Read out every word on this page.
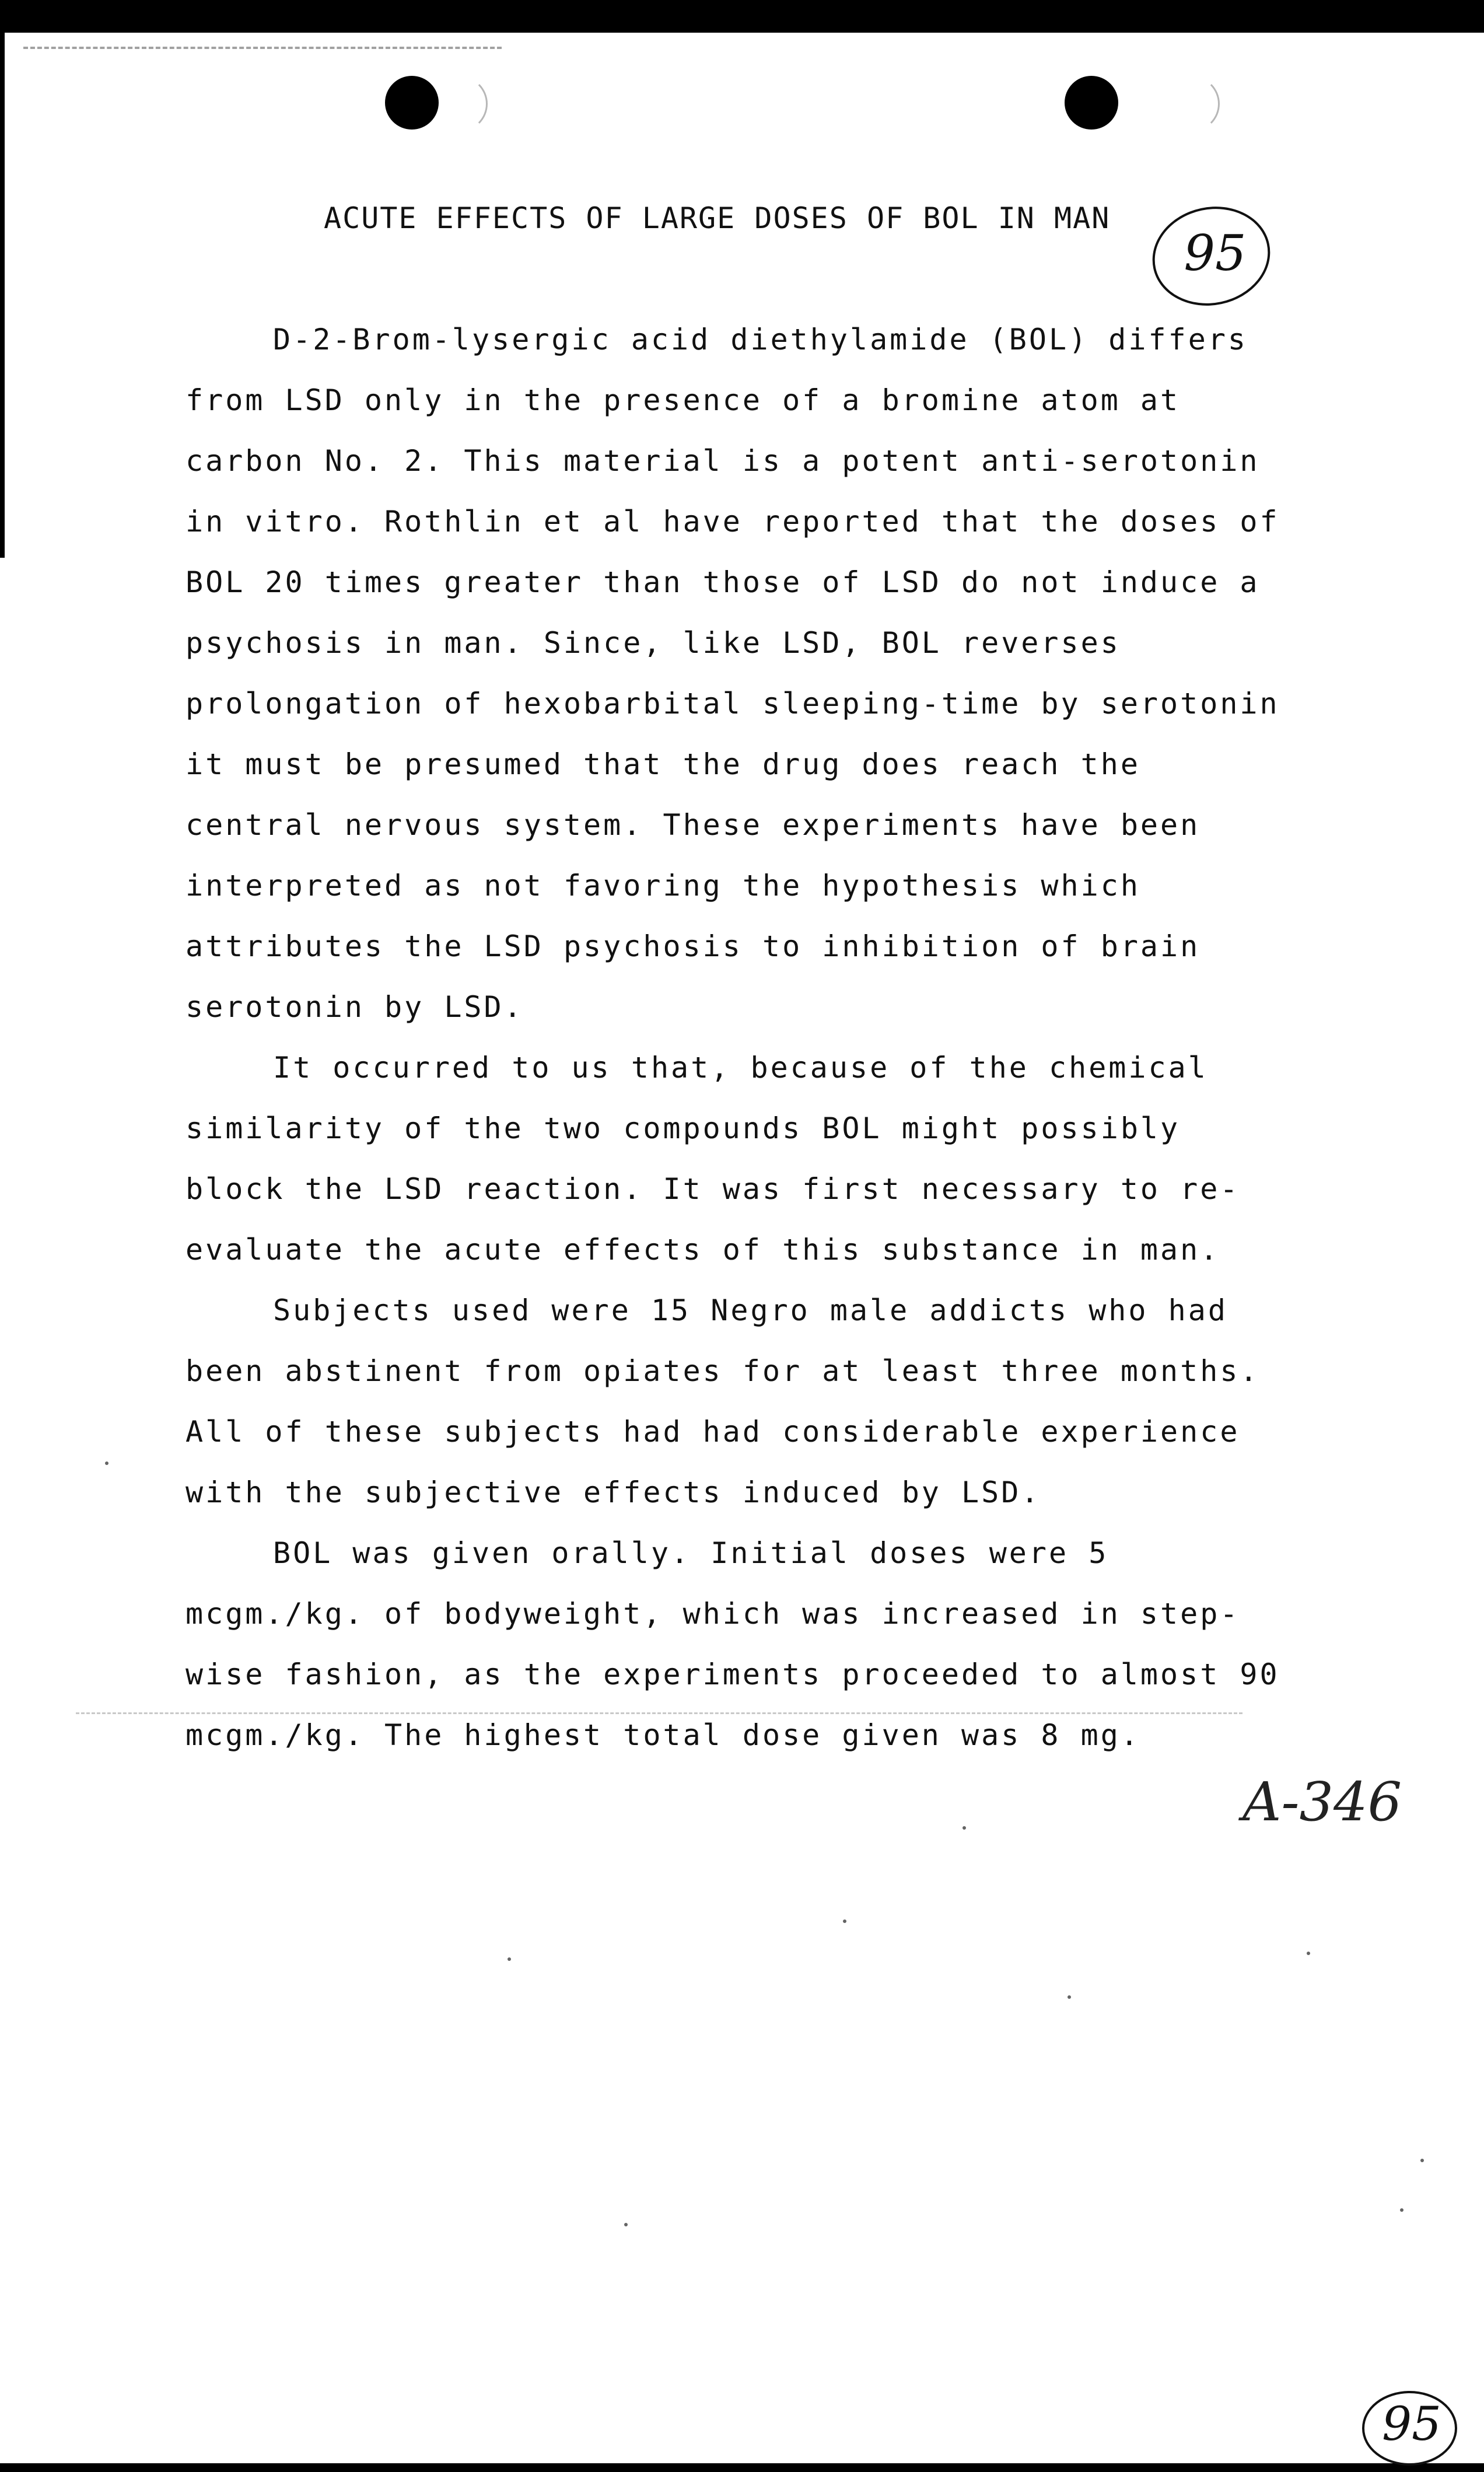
ACUTE EFFECTS OF LARGE DOSES OF BOL IN MAN
95

D-2-Brom-lysergic acid diethylamide (BOL) differs from LSD only in the presence of a bromine atom at carbon No. 2. This material is a potent anti-serotonin in vitro. Rothlin et al have reported that the doses of BOL 20 times greater than those of LSD do not induce a psychosis in man. Since, like LSD, BOL reverses prolongation of hexobarbital sleeping-time by serotonin it must be presumed that the drug does reach the central nervous system. These experiments have been interpreted as not favoring the hypothesis which attributes the LSD psychosis to inhibition of brain serotonin by LSD.

It occurred to us that, because of the chemical similarity of the two compounds BOL might possibly block the LSD reaction. It was first necessary to re-evaluate the acute effects of this substance in man.

Subjects used were 15 Negro male addicts who had been abstinent from opiates for at least three months. All of these subjects had had considerable experience with the subjective effects induced by LSD.

BOL was given orally. Initial doses were 5 mcgm./kg. of bodyweight, which was increased in step-wise fashion, as the experiments proceeded to almost 90 mcgm./kg. The highest total dose given was 8 mg.

A-346
95
